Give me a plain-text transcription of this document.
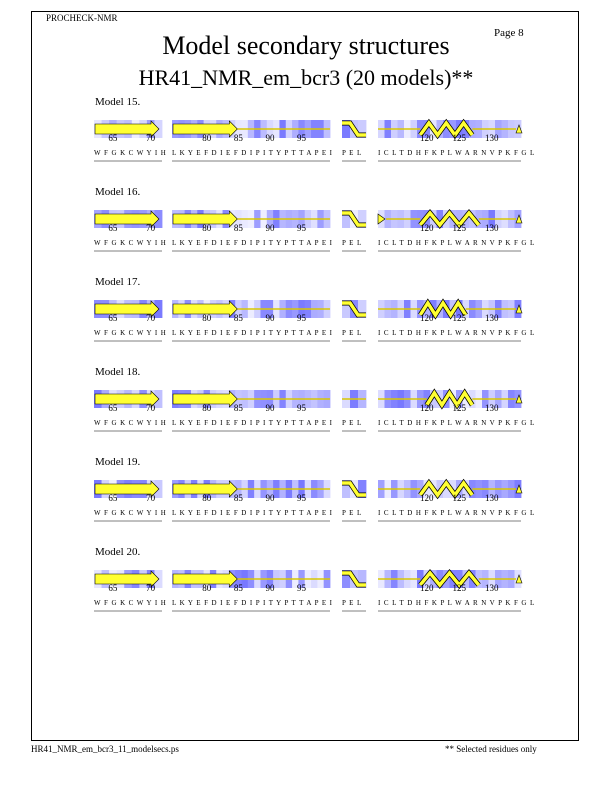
PROCHECK-NMR
Page 8
Model secondary structures
HR41_NMR_em_bcr3 (20 models)**
Model 15.
65	70
W F G K C W Y I H
80	85	90	95
L K Y E F D I E F D I P I T Y P T T A P E I P E L
120 125 130
I C L T D H F K P L W A R N V P K F G L
Model 16.
65	70
W F G K C W Y I H
80	85	90	95
L K Y E F D I E F D I P I T Y P T T A P E I P E L
120 125 130
I C L T D H F K P L W A R N V P K F G L
Model 17.
65	70
W F G K C W Y I H
80	85	90	95
L K Y E F D I E F D I P I T Y P T T A P E I P E L
120 125 130
I C L T D H F K P L W A R N V P K F G L
Model 18.
65	70
W F G K C W Y I H
80	85	90	95
L K Y E F D I E F D I P I T Y P T T A P E I P E L
120 125 130
I C L T D H F K P L W A R N V P K F G L
Model 19.
65	70
W F G K C W Y I H
80	85	90	95
L K Y E F D I E F D I P I T Y P T T A P E I P E L
120 125 130
I C L T D H F K P L W A R N V P K F G L
Model 20.
65	70
W F G K C W Y I H
80	85	90	95
L K Y E F D I E F D I P I T Y P T T A P E I P E L
120 125 130
I C L T D H F K P L W A R N V P K F G L
HR41_NMR_em_bcr3_11_modelsecs.ps	** Selected residues only
